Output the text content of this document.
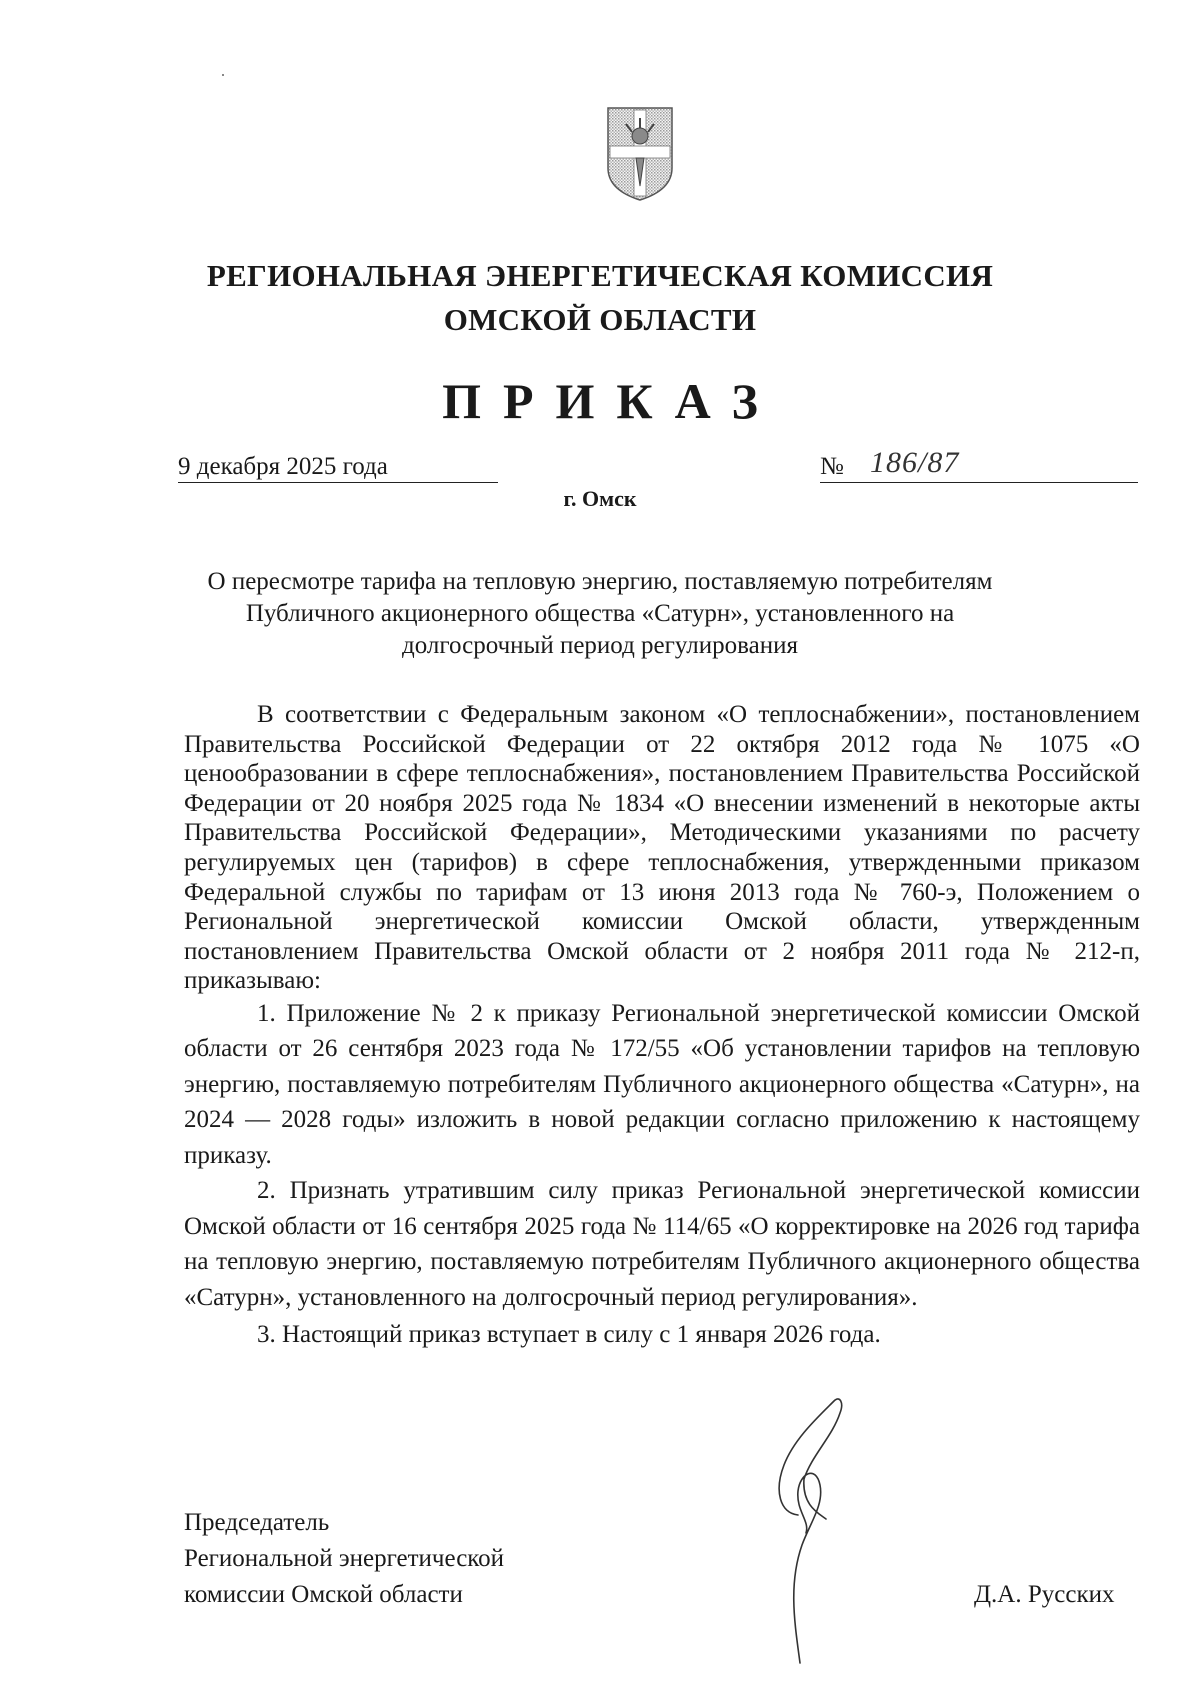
РЕГИОНАЛЬНАЯ ЭНЕРГЕТИЧЕСКАЯ КОМИССИЯ
ОМСКОЙ ОБЛАСТИ
ПРИКАЗ
9 декабря 2025 года	№ 186/87
г. Омск
О пересмотре тарифа на тепловую энергию, поставляемую потребителям
Публичного акционерного общества «Сатурн», установленного на
долгосрочный период регулирования

В соответствии с Федеральным законом «О теплоснабжении», постановлением Правительства Российской Федерации от 22 октября 2012 года № 1075 «О ценообразовании в сфере теплоснабжения», постановлением Правительства Российской Федерации от 20 ноября 2025 года № 1834 «О внесении изменений в некоторые акты Правительства Российской Федерации», Методическими указаниями по расчету регулируемых цен (тарифов) в сфере теплоснабжения, утвержденными приказом Федеральной службы по тарифам от 13 июня 2013 года № 760-э, Положением о Региональной энергетической комиссии Омской области, утвержденным постановлением Правительства Омской области от 2 ноября 2011 года № 212-п, приказываю:

1. Приложение № 2 к приказу Региональной энергетической комиссии Омской области от 26 сентября 2023 года № 172/55 «Об установлении тарифов на тепловую энергию, поставляемую потребителям Публичного акционерного общества «Сатурн», на 2024 — 2028 годы» изложить в новой редакции согласно приложению к настоящему приказу.

2. Признать утратившим силу приказ Региональной энергетической комиссии Омской области от 16 сентября 2025 года № 114/65 «О корректировке на 2026 год тарифа на тепловую энергию, поставляемую потребителям Публичного акционерного общества «Сатурн», установленного на долгосрочный период регулирования».

3. Настоящий приказ вступает в силу с 1 января 2026 года.

Председатель
Региональной энергетической
комиссии Омской области	Д.А. Русских
